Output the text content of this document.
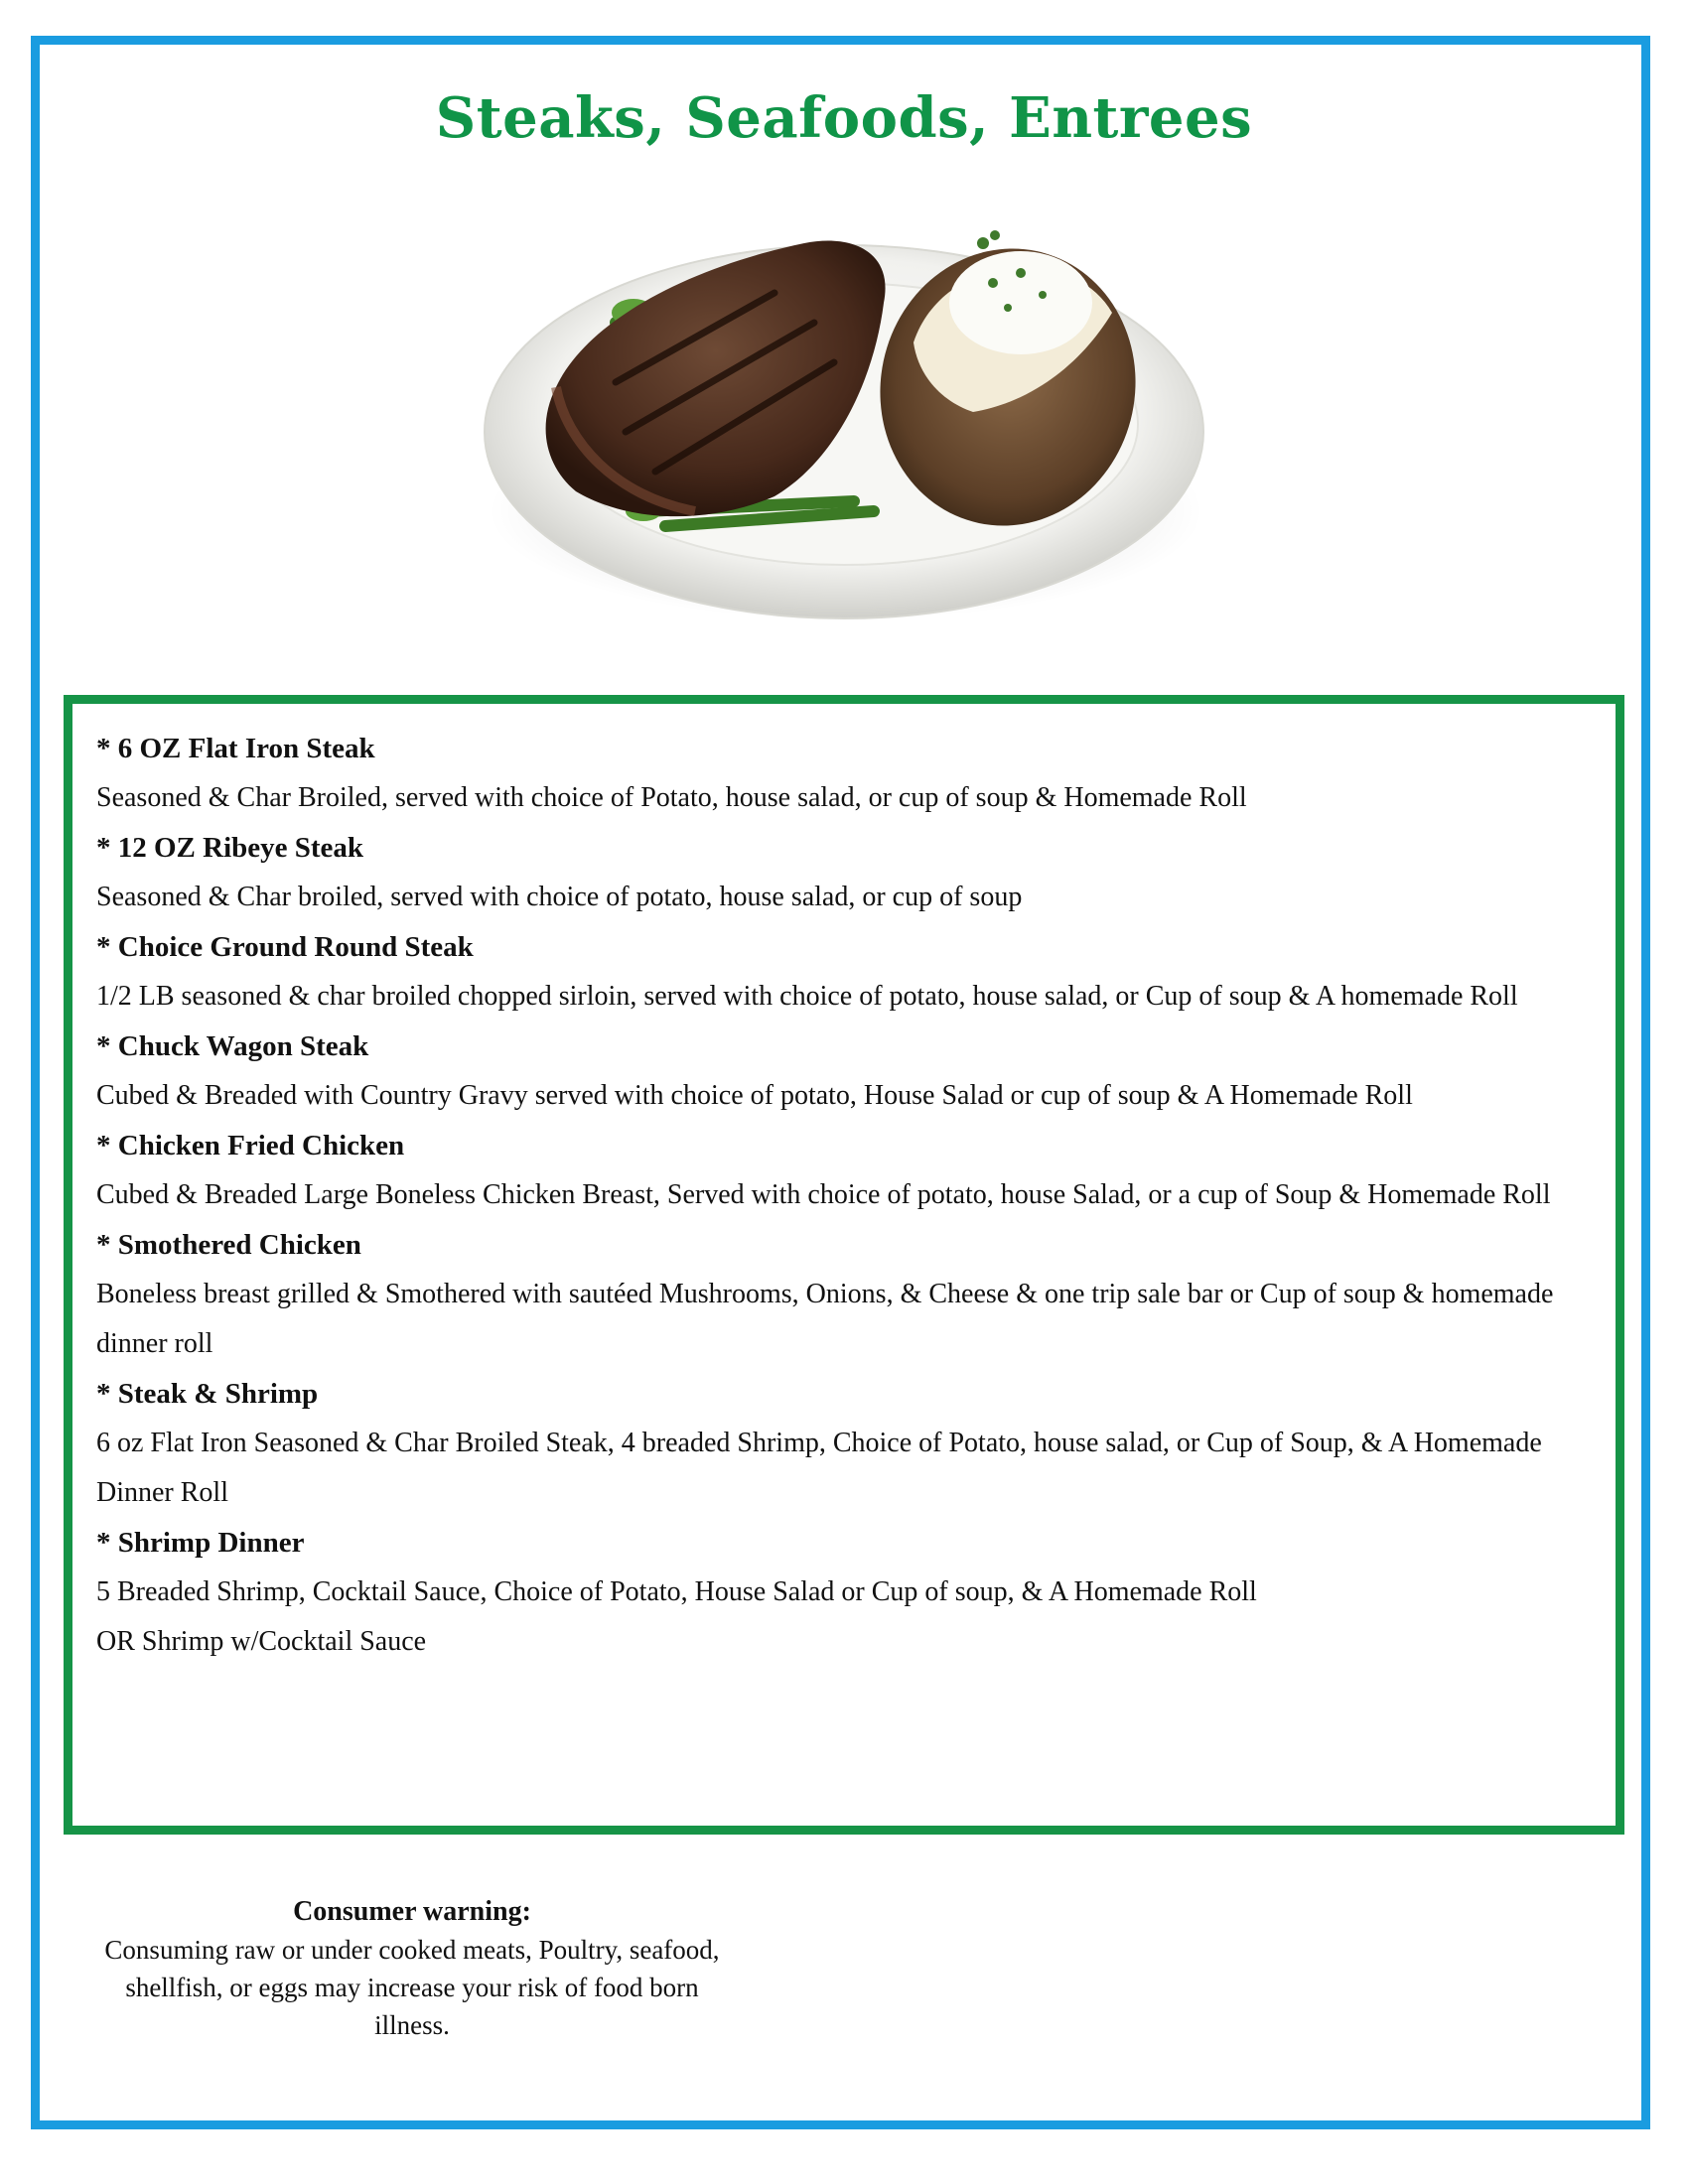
Steaks, Seafoods, Entrees
* 6 OZ Flat Iron Steak
Seasoned & Char Broiled, served with choice of Potato, house salad, or cup of soup & Homemade Roll
* 12 OZ Ribeye Steak
Seasoned & Char broiled, served with choice of potato, house salad, or cup of soup
* Choice Ground Round Steak
1/2 LB seasoned & char broiled chopped sirloin, served with choice of potato, house salad, or Cup of soup & A homemade Roll
* Chuck Wagon Steak
Cubed & Breaded with Country Gravy served with choice of potato, House Salad or cup of soup & A Homemade Roll
* Chicken Fried Chicken
Cubed & Breaded Large Boneless Chicken Breast, Served with choice of potato, house Salad, or a cup of Soup & Homemade Roll
* Smothered Chicken
Boneless breast grilled & Smothered with sautéed Mushrooms, Onions, & Cheese & one trip sale bar or Cup of soup & homemade dinner roll
* Steak & Shrimp
6 oz Flat Iron Seasoned & Char Broiled Steak, 4 breaded Shrimp, Choice of Potato, house salad, or Cup of Soup, & A Homemade Dinner Roll
* Shrimp Dinner
5 Breaded Shrimp, Cocktail Sauce, Choice of Potato, House Salad or Cup of soup, & A Homemade Roll
OR Shrimp w/Cocktail Sauce
Consumer warning:
Consuming raw or under cooked meats, Poultry, seafood, shellfish, or eggs may increase your risk of food born illness.
